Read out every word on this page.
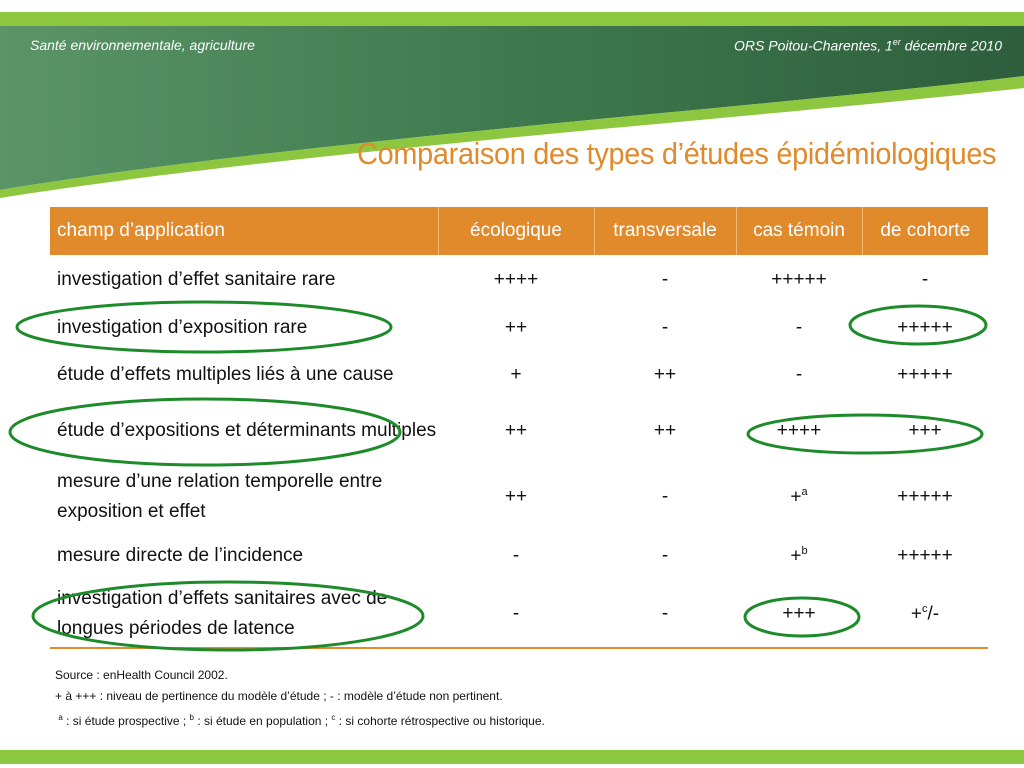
Santé environnementale, agriculture	ORS Poitou-Charentes, 1er décembre 2010
Comparaison des types d’études épidémiologiques
champ d’application	écologique	transversale	cas témoin	de cohorte
investigation d’effet sanitaire rare	++++	-	+++++	-
investigation d’exposition rare	++	-	-	+++++
étude d’effets multiples liés à une cause	+	++	-	+++++
étude d’expositions et déterminants multiples	++	++	++++	+++
mesure d’une relation temporelle entre exposition et effet	++	-	+$^a$	+++++
mesure directe de l’incidence	-	-	+$^b$	+++++
investigation d’effets sanitaires avec de longues périodes de latence	-	-	+++	+$^c$/-
Source : enHealth Council 2002.
+ à +++ : niveau de pertinence du modèle d’étude ; - : modèle d’étude non pertinent.
$^a$ : si étude prospective ; $^b$ : si étude en population ; $^c$ : si cohorte rétrospective ou historique.
